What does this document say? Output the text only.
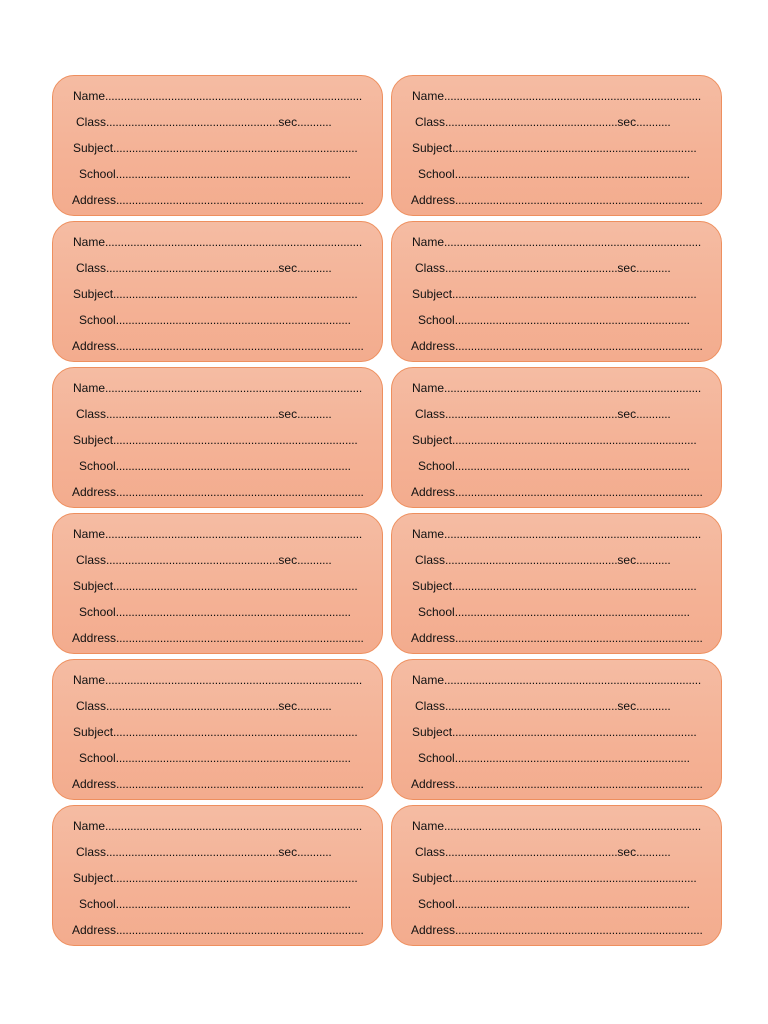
Name..................................................................................
Class.......................................................sec...........
Subject..............................................................................
School...........................................................................
Address...............................................................................
Name..................................................................................
Class.......................................................sec...........
Subject..............................................................................
School...........................................................................
Address...............................................................................
Name..................................................................................
Class.......................................................sec...........
Subject..............................................................................
School...........................................................................
Address...............................................................................
Name..................................................................................
Class.......................................................sec...........
Subject..............................................................................
School...........................................................................
Address...............................................................................
Name..................................................................................
Class.......................................................sec...........
Subject..............................................................................
School...........................................................................
Address...............................................................................
Name..................................................................................
Class.......................................................sec...........
Subject..............................................................................
School...........................................................................
Address...............................................................................
Name..................................................................................
Class.......................................................sec...........
Subject..............................................................................
School...........................................................................
Address...............................................................................
Name..................................................................................
Class.......................................................sec...........
Subject..............................................................................
School...........................................................................
Address...............................................................................
Name..................................................................................
Class.......................................................sec...........
Subject..............................................................................
School...........................................................................
Address...............................................................................
Name..................................................................................
Class.......................................................sec...........
Subject..............................................................................
School...........................................................................
Address...............................................................................
Name..................................................................................
Class.......................................................sec...........
Subject..............................................................................
School...........................................................................
Address...............................................................................
Name..................................................................................
Class.......................................................sec...........
Subject..............................................................................
School...........................................................................
Address...............................................................................
